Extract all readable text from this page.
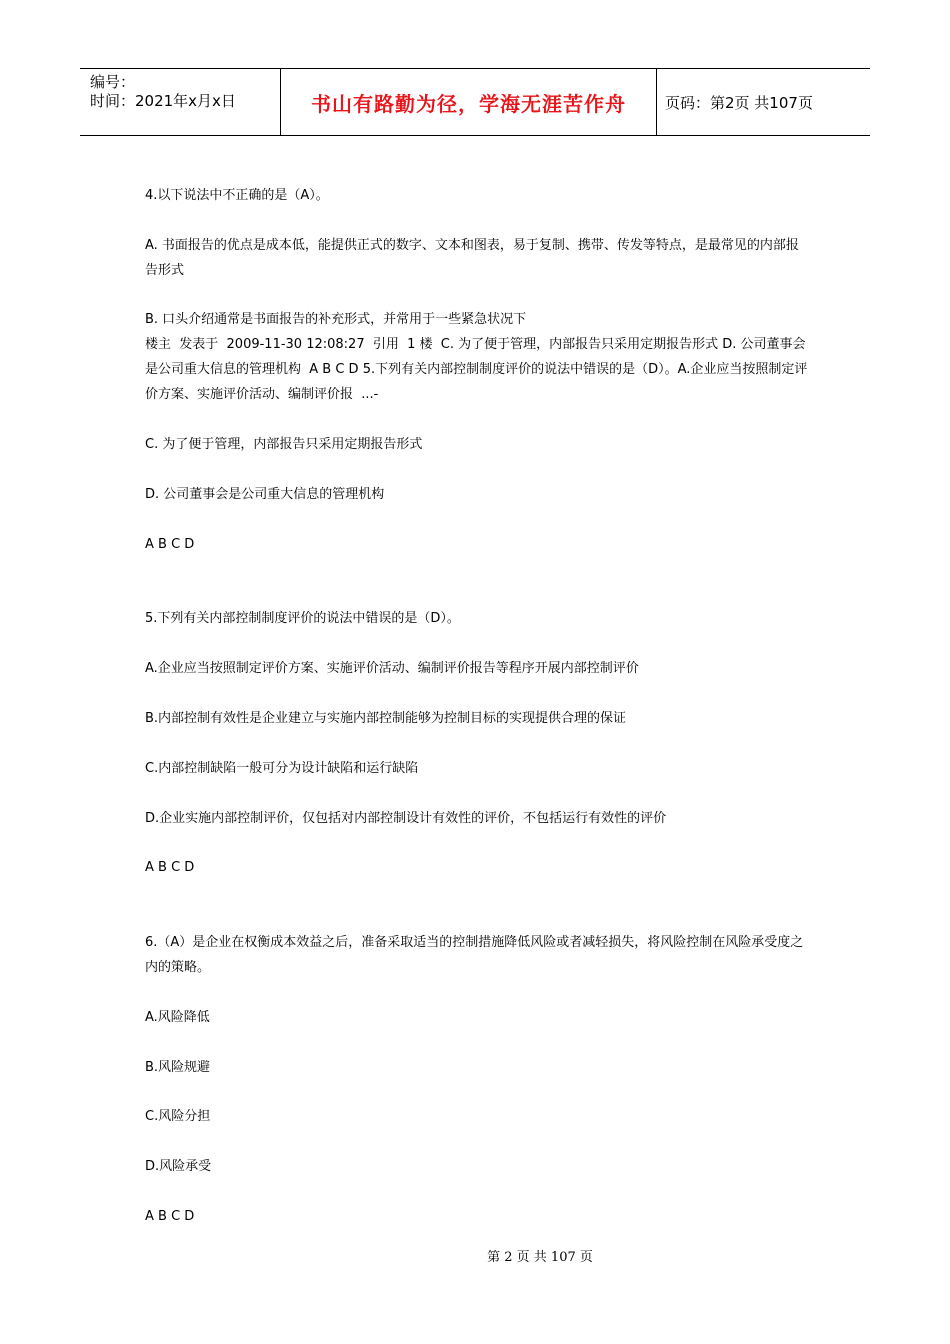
编号：
时间：2021年x月x日	书山有路勤为径，学海无涯苦作舟	页码：第2页 共107页

4.以下说法中不正确的是（A）。

A. 书面报告的优点是成本低，能提供正式的数字、文本和图表，易于复制、携带、传发等特点，是最常见的内部报告形式

B. 口头介绍通常是书面报告的补充形式，并常用于一些紧急状况下
楼主  发表于  2009-11-30 12:08:27  引用  1 楼  C. 为了便于管理，内部报告只采用定期报告形式 D. 公司董事会是公司重大信息的管理机构  A B C D 5.下列有关内部控制制度评价的说法中错误的是（D）。A.企业应当按照制定评价方案、实施评价活动、编制评价报  ...-

C. 为了便于管理，内部报告只采用定期报告形式

D. 公司董事会是公司重大信息的管理机构

A B C D

5.下列有关内部控制制度评价的说法中错误的是（D）。

A.企业应当按照制定评价方案、实施评价活动、编制评价报告等程序开展内部控制评价

B.内部控制有效性是企业建立与实施内部控制能够为控制目标的实现提供合理的保证

C.内部控制缺陷一般可分为设计缺陷和运行缺陷

D.企业实施内部控制评价，仅包括对内部控制设计有效性的评价，不包括运行有效性的评价

A B C D

6.（A）是企业在权衡成本效益之后，准备采取适当的控制措施降低风险或者减轻损失，将风险控制在风险承受度之内的策略。

A.风险降低

B.风险规避

C.风险分担

D.风险承受

A B C D

第 2 页 共 107 页
